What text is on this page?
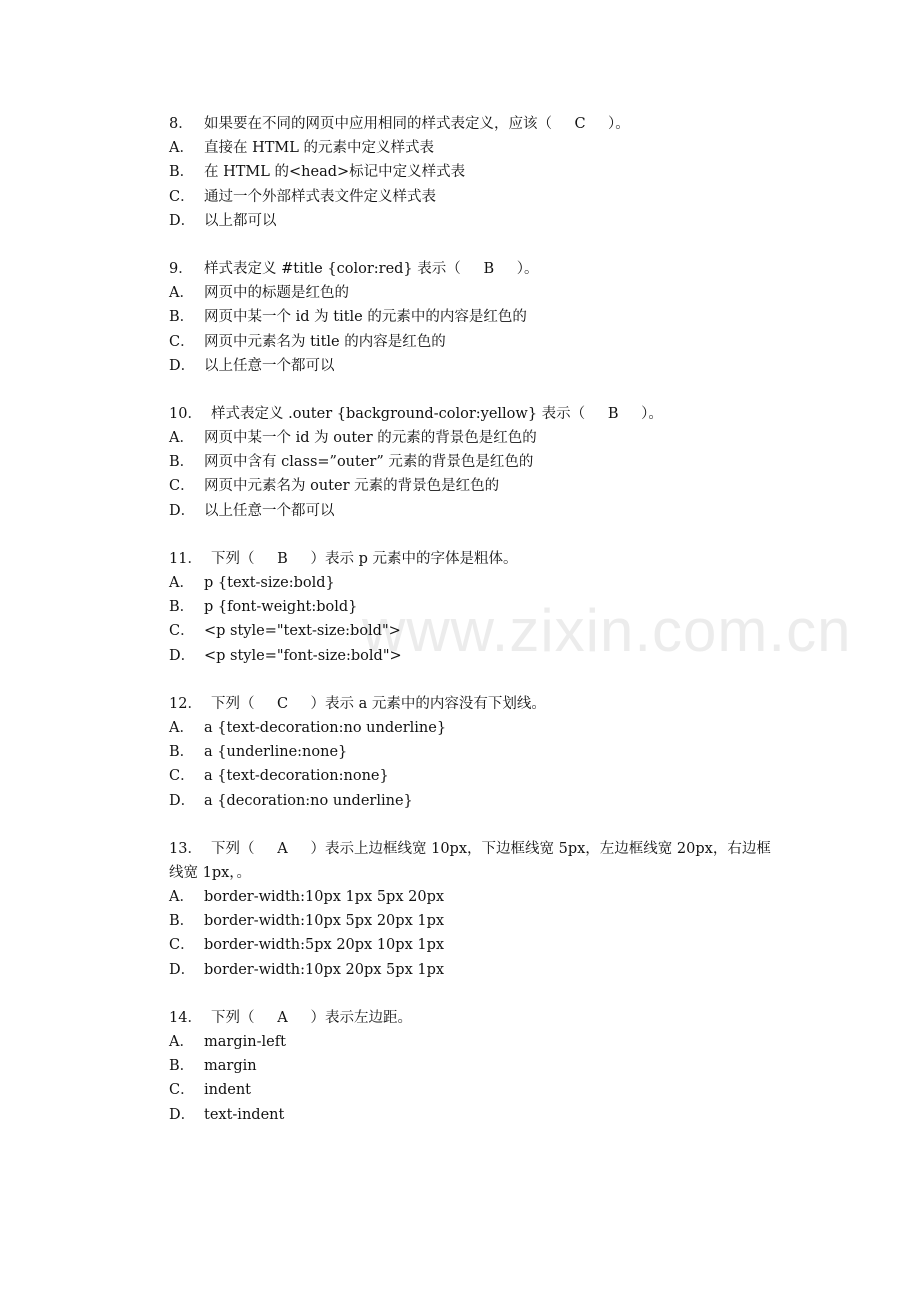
www.zixin.com.cn
8． 如果要在不同的网页中应用相同的样式表定义，应该（ C ）。
A． 直接在 HTML 的元素中定义样式表
B． 在 HTML 的<head>标记中定义样式表
C． 通过一个外部样式表文件定义样式表
D． 以上都可以
9． 样式表定义 #title {color:red} 表示（ B ）。
A． 网页中的标题是红色的
B． 网页中某一个 id 为 title 的元素中的内容是红色的
C． 网页中元素名为 title 的内容是红色的
D． 以上任意一个都可以
10． 样式表定义 .outer {background-color:yellow} 表示（ B ）。
A． 网页中某一个 id 为 outer 的元素的背景色是红色的
B． 网页中含有 class=”outer” 元素的背景色是红色的
C． 网页中元素名为 outer 元素的背景色是红色的
D． 以上任意一个都可以
11． 下列（ B ）表示 p 元素中的字体是粗体。
A． p {text-size:bold}
B． p {font-weight:bold}
C． <p style="text-size:bold">
D． <p style="font-size:bold">
12． 下列（ C ）表示 a 元素中的内容没有下划线。
A． a {text-decoration:no underline}
B． a {underline:none}
C． a {text-decoration:none}
D． a {decoration:no underline}
13． 下列（ A ）表示上边框线宽 10px，下边框线宽 5px，左边框线宽 20px，右边框线宽 1px，。
A． border-width:10px 1px 5px 20px
B． border-width:10px 5px 20px 1px
C． border-width:5px 20px 10px 1px
D． border-width:10px 20px 5px 1px
14． 下列（ A ）表示左边距。
A． margin-left
B． margin
C． indent
D． text-indent
